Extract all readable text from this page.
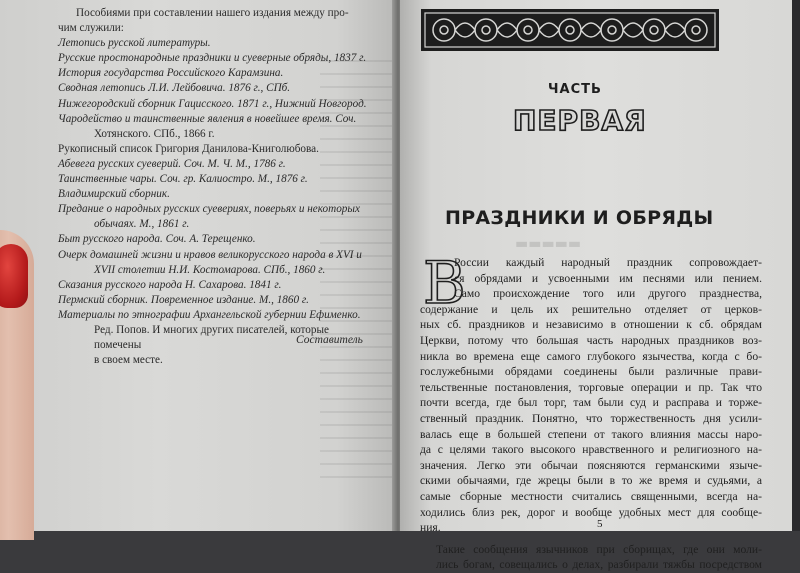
Пособиями при составлении нашего издания между про-

чим служили:

Летопись русской литературы.

Русские простонародные праздники и суеверные обряды, 1837 г.

История государства Российского Карамзина.

Сводная летопись Л.И. Лейбовича. 1876 г., СПб.

Нижегородский сборник Гацисского. 1871 г., Нижний Новгород.

Чародейство и таинственные явления в новейшее время. Соч.

Хотянского. СПб., 1866 г.

Рукописный список Григория Данилова-Книголюбова.

Абевега русских суеверий. Соч. М. Ч. М., 1786 г.

Таинственные чары. Соч. гр. Калиостро. М., 1876 г.

Владимирский сборник.

Предание о народных русских суевериях, поверьях и некоторых

обычаях. М., 1861 г.

Быт русского народа. Соч. А. Терещенко.

Очерк домашней жизни и нравов великорусского народа в XVI и

XVII столетии Н.И. Костомарова. СПб., 1860 г.

Сказания русского народа Н. Сахарова. 1841 г.

Пермский сборник. Повременное издание. М., 1860 г.

Материалы по этнографии Архангельской губернии Ефименко.

Ред. Попов. И многих других писателей, которые помечены

в своем месте.

Составитель
ЧАСТЬ
ПЕРВАЯ
ПРАЗДНИКИ И ОБРЯДЫ
▬▬▬▬▬
В
России каждый народный праздник сопровождает-
ся обрядами и усвоенными им песнями или пением.
Само происхождение того или другого празднества,
содержание и цель их решительно отделяет от церков-
ных сб. праздников и независимо в отношении к сб. обрядам
Церкви, потому что большая часть народных праздников воз-
никла во времена еще самого глубокого язычества, когда с бо-
гослужебными обрядами соединены были различные прави-
тельственные постановления, торговые операции и пр. Так что
почти всегда, где был торг, там были суд и расправа и торже-
ственный праздник. Понятно, что торжественность дня усили-
валась еще в большей степени от такого влияния массы наро-
да с целями такого высокого нравственного и религиозного на-
значения. Легко эти обычаи поясняются германскими языче-
скими обычаями, где жрецы были в то же время и судьями, а
самые сборные местности считались священными, всегда на-
ходились близ рек, дорог и вообще удобных мест для сообще-
ния.
Такие сообщения язычников при сборищах, где они моли-
лись богам, совещались о делах, разбирали тяжбы посредством
5
